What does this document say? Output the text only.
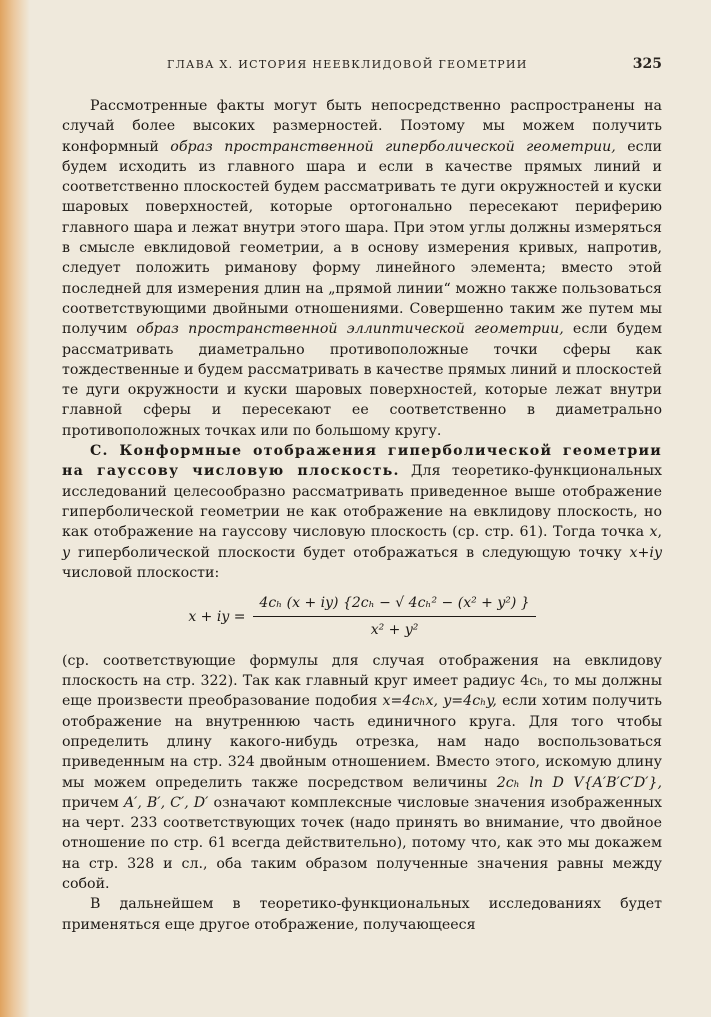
ГЛАВА X. ИСТОРИЯ НЕЕВКЛИДОВОЙ ГЕОМЕТРИИ	325

Рассмотренные факты могут быть непосредственно распространены на случай более высоких размерностей. Поэтому мы можем получить конформный образ пространственной гиперболической геометрии, если будем исходить из главного шара и если в качестве прямых линий и соответственно плоскостей будем рассматривать те дуги окружностей и куски шаровых поверхностей, которые ортогонально пересекают периферию главного шара и лежат внутри этого шара. При этом углы должны измеряться в смысле евклидовой геометрии, а в основу измерения кривых, напротив, следует положить риманову форму линейного элемента; вместо этой последней для измерения длин на „прямой линии“ можно также пользоваться соответствующими двойными отношениями. Совершенно таким же путем мы получим образ пространственной эллиптической геометрии, если будем рассматривать диаметрально противоположные точки сферы как тождественные и будем рассматривать в качестве прямых линий и плоскостей те дуги окружности и куски шаровых поверхностей, которые лежат внутри главной сферы и пересекают ее соответственно в диаметрально противоположных точках или по большому кругу.

С. Конформные отображения гиперболической геометрии на гауссову числовую плоскость. Для теоретико-функциональных исследований целесообразно рассматривать приведенное выше отображение гиперболической геометрии не как отображение на евклидову плоскость, но как отображение на гауссову числовую плоскость (ср. стр. 61). Тогда точка x, y гиперболической плоскости будет отображаться в следующую точку x+iy числовой плоскости:

x + iy = $\frac{\text{4cₕ (x + iy) \{2cₕ − √ 4cₕ² − (x² + y²) \}}}{\text{x² + y²}}$

(ср. соответствующие формулы для случая отображения на евклидову плоскость на стр. 322). Так как главный круг имеет радиус 4cₕ, то мы должны еще произвести преобразование подобия x=4cₕx, y=4cₕy, если хотим получить отображение на внутреннюю часть единичного круга. Для того чтобы определить длину какого-нибудь отрезка, нам надо воспользоваться приведенным на стр. 324 двойным отношением. Вместо этого, искомую длину мы можем определить также посредством величины 2cₕ ln D V{A′B′C′D′}, причем A′, B′, C′, D′ означают комплексные числовые значения изображенных на черт. 233 соответствующих точек (надо принять во внимание, что двойное отношение по стр. 61 всегда действительно), потому что, как это мы докажем на стр. 328 и сл., оба таким образом полученные значения равны между собой.

В дальнейшем в теоретико-функциональных исследованиях будет применяться еще другое отображение, получающееся
